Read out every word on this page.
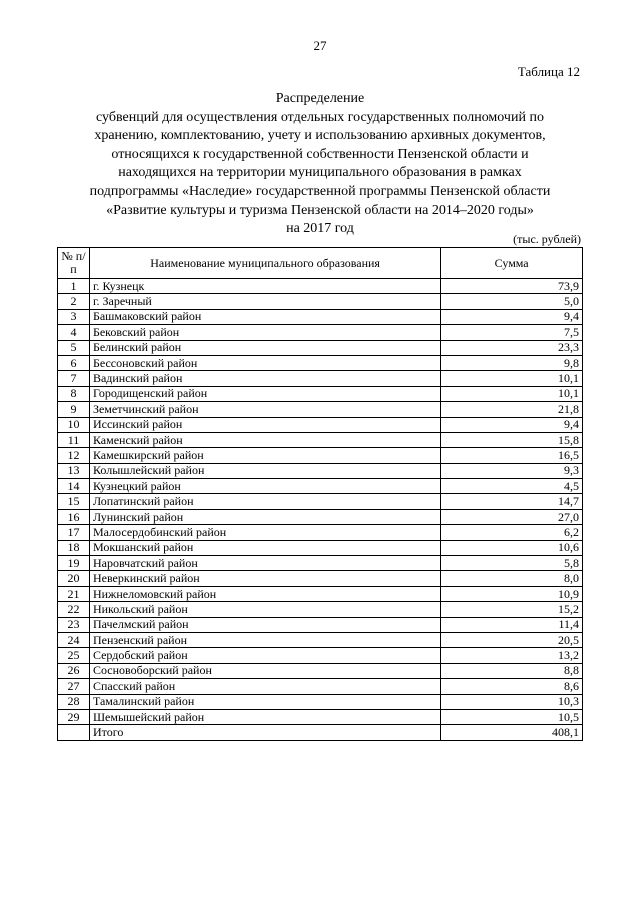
27
Таблица 12
Распределение
субвенций для осуществления отдельных государственных полномочий по
хранению, комплектованию, учету и использованию архивных документов,
относящихся к государственной собственности Пензенской области и
находящихся на территории муниципального образования в рамках
подпрограммы «Наследие» государственной программы Пензенской области
«Развитие культуры и туризма Пензенской области на 2014–2020 годы»
на 2017 год
(тыс. рублей)
№ п/п	Наименование муниципального образования	Сумма
1	г. Кузнецк	73,9
2	г. Заречный	5,0
3	Башмаковский район	9,4
4	Бековский район	7,5
5	Белинский район	23,3
6	Бессоновский район	9,8
7	Вадинский район	10,1
8	Городищенский район	10,1
9	Земетчинский район	21,8
10	Иссинский район	9,4
11	Каменский район	15,8
12	Камешкирский район	16,5
13	Колышлейский район	9,3
14	Кузнецкий район	4,5
15	Лопатинский район	14,7
16	Лунинский район	27,0
17	Малосердобинский район	6,2
18	Мокшанский район	10,6
19	Наровчатский район	5,8
20	Неверкинский район	8,0
21	Нижнеломовский район	10,9
22	Никольский район	15,2
23	Пачелмский район	11,4
24	Пензенский район	20,5
25	Сердобский район	13,2
26	Сосновоборский район	8,8
27	Спасский район	8,6
28	Тамалинский район	10,3
29	Шемышейский район	10,5
	Итого	408,1
